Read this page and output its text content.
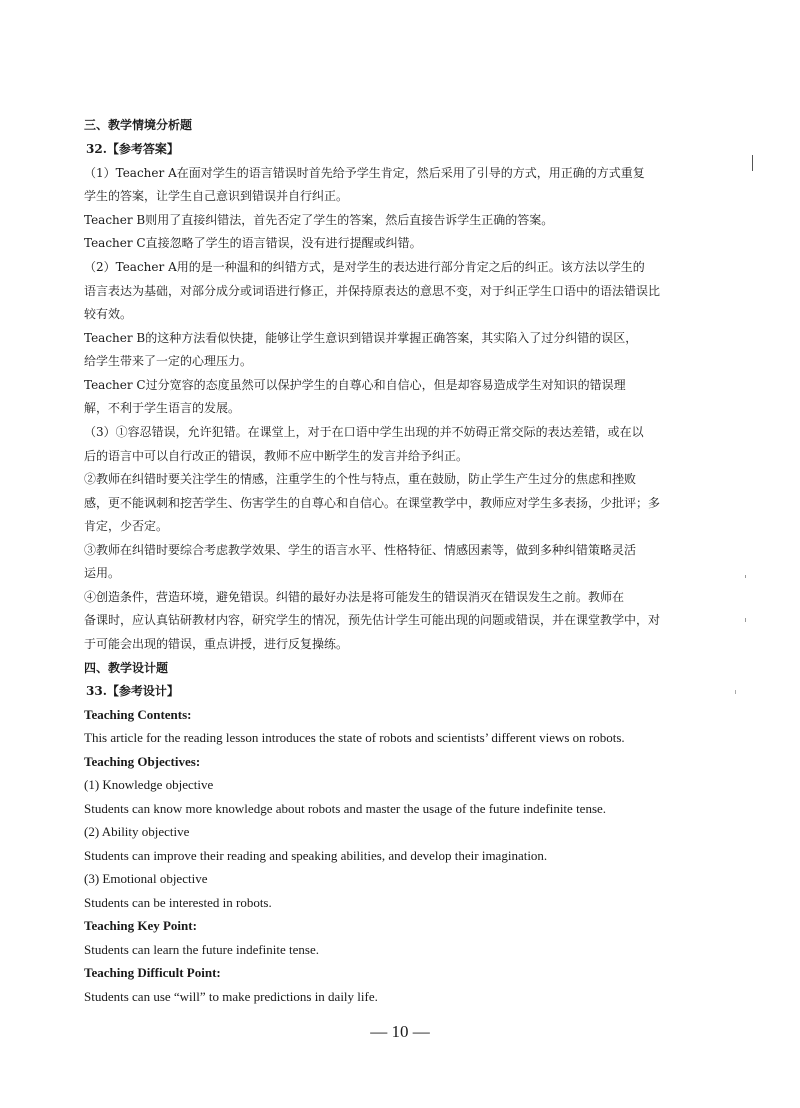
三、教学情境分析题
32.【参考答案】
（1）Teacher A在面对学生的语言错误时首先给予学生肯定，然后采用了引导的方式，用正确的方式重复
学生的答案，让学生自己意识到错误并自行纠正。
Teacher B则用了直接纠错法，首先否定了学生的答案，然后直接告诉学生正确的答案。
Teacher C直接忽略了学生的语言错误，没有进行提醒或纠错。
（2）Teacher A用的是一种温和的纠错方式，是对学生的表达进行部分肯定之后的纠正。该方法以学生的
语言表达为基础，对部分成分或词语进行修正，并保持原表达的意思不变，对于纠正学生口语中的语法错误比
较有效。
Teacher B的这种方法看似快捷，能够让学生意识到错误并掌握正确答案，其实陷入了过分纠错的误区，
给学生带来了一定的心理压力。
Teacher C过分宽容的态度虽然可以保护学生的自尊心和自信心，但是却容易造成学生对知识的错误理
解，不利于学生语言的发展。
（3）①容忍错误，允许犯错。在课堂上，对于在口语中学生出现的并不妨碍正常交际的表达差错，或在以
后的语言中可以自行改正的错误，教师不应中断学生的发言并给予纠正。
②教师在纠错时要关注学生的情感，注重学生的个性与特点，重在鼓励，防止学生产生过分的焦虑和挫败
感，更不能讽刺和挖苦学生、伤害学生的自尊心和自信心。在课堂教学中，教师应对学生多表扬，少批评；多
肯定，少否定。
③教师在纠错时要综合考虑教学效果、学生的语言水平、性格特征、情感因素等，做到多种纠错策略灵活
运用。
④创造条件，营造环境，避免错误。纠错的最好办法是将可能发生的错误消灭在错误发生之前。教师在
备课时，应认真钻研教材内容，研究学生的情况，预先估计学生可能出现的问题或错误，并在课堂教学中，对
于可能会出现的错误，重点讲授，进行反复操练。
四、教学设计题
33.【参考设计】
Teaching Contents:
This article for the reading lesson introduces the state of robots and scientists’ different views on robots.
Teaching Objectives:
(1) Knowledge objective
Students can know more knowledge about robots and master the usage of the future indefinite tense.
(2) Ability objective
Students can improve their reading and speaking abilities, and develop their imagination.
(3) Emotional objective
Students can be interested in robots.
Teaching Key Point:
Students can learn the future indefinite tense.
Teaching Difficult Point:
Students can use “will” to make predictions in daily life.
— 10 —
